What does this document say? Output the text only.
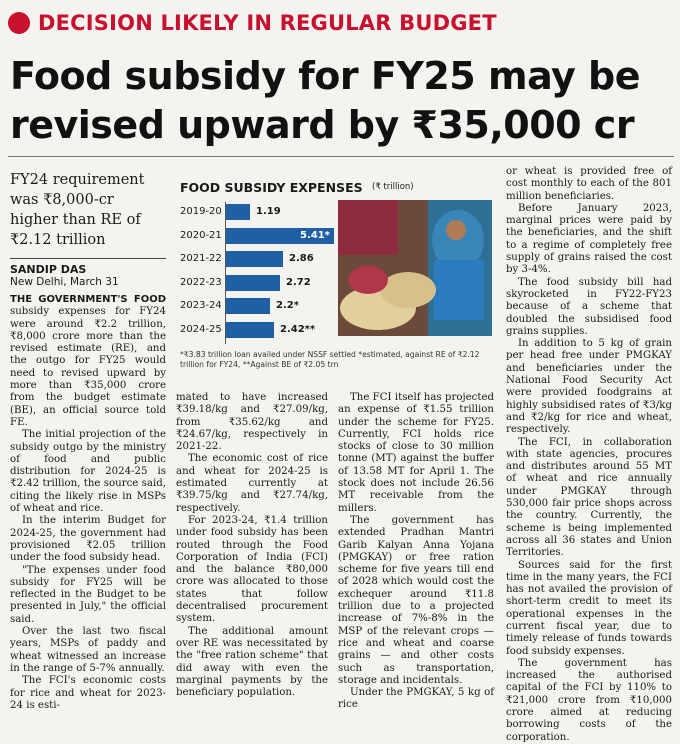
DECISION LIKELY IN REGULAR BUDGET
Food subsidy for FY25 may be revised upward by ₹35,000 cr
FY24 requirement was ₹8,000-cr higher than RE of ₹2.12 trillion

SANDIP DAS

New Delhi, March 31

THE GOVERNMENT'S FOOD subsidy expenses for FY24 were around ₹2.2 trillion, ₹8,000 crore more than the revised estimate (RE), and the outgo for FY25 would need to revised upward by more than ₹35,000 crore from the budget estimate (BE), an official source told FE.

The initial projection of the subsidy outgo by the ministry of food and public distribution for 2024-25 is ₹2.42 trillion, the source said, citing the likely rise in MSPs of wheat and rice.

In the interim Budget for 2024-25, the government had provisioned ₹2.05 trillion under the food subsidy head.

"The expenses under food subsidy for FY25 will be reflected in the Budget to be presented in July," the official said.

Over the last two fiscal years, MSPs of paddy and wheat witnessed an increase in the range of 5-7% annually.

The FCI's economic costs for rice and wheat for 2023-24 is esti-

FOOD SUBSIDY EXPENSES (₹ trillion)
2019-20	1.19
2020-21	5.41*
2021-22	2.86
2022-23	2.72
2023-24	2.2*
2024-25	2.42**
*₹3.83 trillion loan availed under NSSF settled *estimated, against RE of ₹2.12 trillion for FY24, **Against BE of ₹2.05 trn

mated to have increased ₹39.18/kg and ₹27.09/kg, from ₹35.62/kg and ₹24.67/kg, respectively in 2021-22.

The economic cost of rice and wheat for 2024-25 is estimated currently at ₹39.75/kg and ₹27.74/kg, respectively.

For 2023-24, ₹1.4 trillion under food subsidy has been routed through the Food Corporation of India (FCI) and the balance ₹80,000 crore was allocated to those states that follow decentralised procurement system.

The additional amount over RE was necessitated by the "free ration scheme" that did away with even the marginal payments by the beneficiary population.

The FCI itself has projected an expense of ₹1.55 trillion under the scheme for FY25. Currently, FCI holds rice stocks of close to 30 million tonne (MT) against the buffer of 13.58 MT for April 1. The stock does not include 26.56 MT receivable from the millers.

The government has extended Pradhan Mantri Garib Kalyan Anna Yojana (PMGKAY) or free ration scheme for five years till end of 2028 which would cost the exchequer around ₹11.8 trillion due to a projected increase of 7%-8% in the MSP of the relevant crops — rice and wheat and coarse grains — and other costs such as transportation, storage and incidentals.

Under the PMGKAY, 5 kg of rice

or wheat is provided free of cost monthly to each of the 801 million beneficiaries.

Before January 2023, marginal prices were paid by the beneficiaries, and the shift to a regime of completely free supply of grains raised the cost by 3-4%.

The food subsidy bill had skyrocketed in FY22-FY23 because of a scheme that doubled the subsidised food grains supplies.

In addition to 5 kg of grain per head free under PMGKAY and beneficiaries under the National Food Security Act were provided foodgrains at highly subsidised rates of ₹3/kg and ₹2/kg for rice and wheat, respectively.

The FCI, in collaboration with state agencies, procures and distributes around 55 MT of wheat and rice annually under PMGKAY through 530,000 fair price shops across the country. Currently, the scheme is being implemented across all 36 states and Union Territories.

Sources said for the first time in the many years, the FCI has not availed the provision of short-term credit to meet its operational expenses in the current fiscal year, due to timely release of funds towards food subsidy expenses.

The government has increased the authorised capital of the FCI by 110% to ₹21,000 crore from ₹10,000 crore aimed at reducing borrowing costs of the corporation.
